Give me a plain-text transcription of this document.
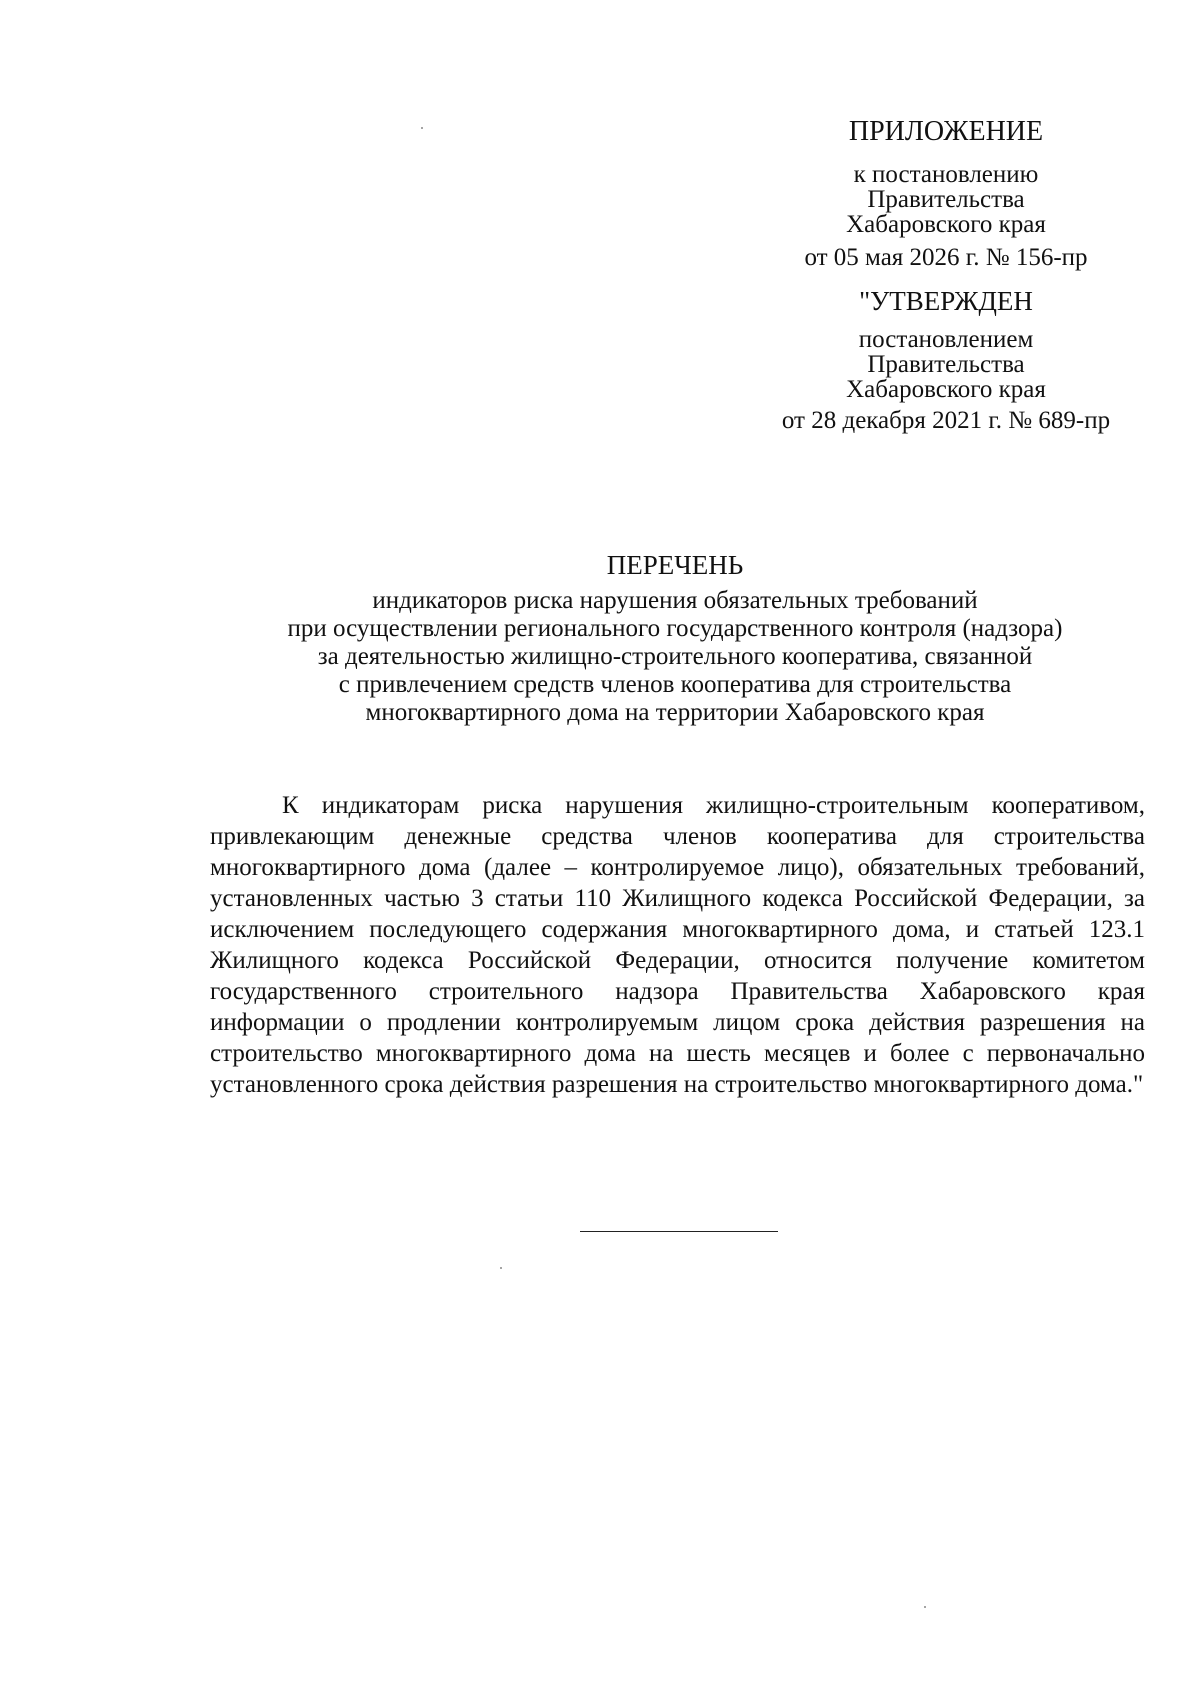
ПРИЛОЖЕНИЕ
к постановлению
Правительства
Хабаровского края
от 05 мая 2026 г. № 156-пр
"УТВЕРЖДЕН
постановлением
Правительства
Хабаровского края
от 28 декабря 2021 г. № 689-пр
ПЕРЕЧЕНЬ
индикаторов риска нарушения обязательных требований
при осуществлении регионального государственного контроля (надзора)
за деятельностью жилищно-строительного кооператива, связанной
с привлечением средств членов кооператива для строительства
многоквартирного дома на территории Хабаровского края

К индикаторам риска нарушения жилищно-строительным кооперативом, привлекающим денежные средства членов кооператива для строительства многоквартирного дома (далее – контролируемое лицо), обязательных требований, установленных частью 3 статьи 110 Жилищного кодекса Российской Федерации, за исключением последующего содержания многоквартирного дома, и статьей 123.1 Жилищного кодекса Российской Федерации, относится получение комитетом государственного строительного надзора Правительства Хабаровского края информации о продлении контролируемым лицом срока действия разрешения на строительство многоквартирного дома на шесть месяцев и более с первоначально установленного срока действия разрешения на строительство многоквартирного дома."
